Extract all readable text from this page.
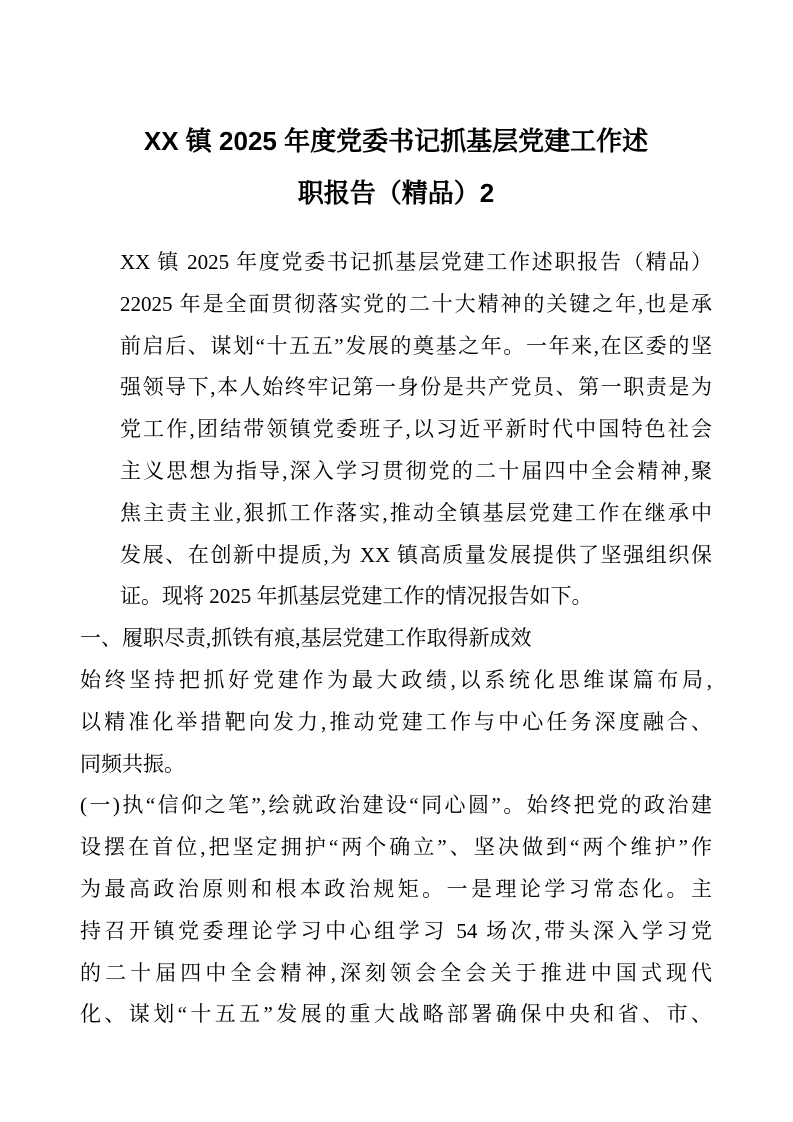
XX 镇 2025 年度党委书记抓基层党建工作述
职报告（精品）2
XX 镇 2025 年度党委书记抓基层党建工作述职报告（精品）
22025 年是全面贯彻落实党的二十大精神的关键之年,也是承
前启后、谋划“十五五”发展的奠基之年。一年来,在区委的坚
强领导下,本人始终牢记第一身份是共产党员、第一职责是为
党工作,团结带领镇党委班子,以习近平新时代中国特色社会
主义思想为指导,深入学习贯彻党的二十届四中全会精神,聚
焦主责主业,狠抓工作落实,推动全镇基层党建工作在继承中
发展、在创新中提质,为 XX 镇高质量发展提供了坚强组织保
证。现将 2025 年抓基层党建工作的情况报告如下。
一、履职尽责,抓铁有痕,基层党建工作取得新成效
始终坚持把抓好党建作为最大政绩,以系统化思维谋篇布局,
以精准化举措靶向发力,推动党建工作与中心任务深度融合、
同频共振。
(一)执“信仰之笔”,绘就政治建设“同心圆”。始终把党的政治建
设摆在首位,把坚定拥护“两个确立”、坚决做到“两个维护”作
为最高政治原则和根本政治规矩。一是理论学习常态化。主
持召开镇党委理论学习中心组学习 54 场次,带头深入学习党
的二十届四中全会精神,深刻领会全会关于推进中国式现代
化、谋划“十五五”发展的重大战略部署确保中央和省、市、
